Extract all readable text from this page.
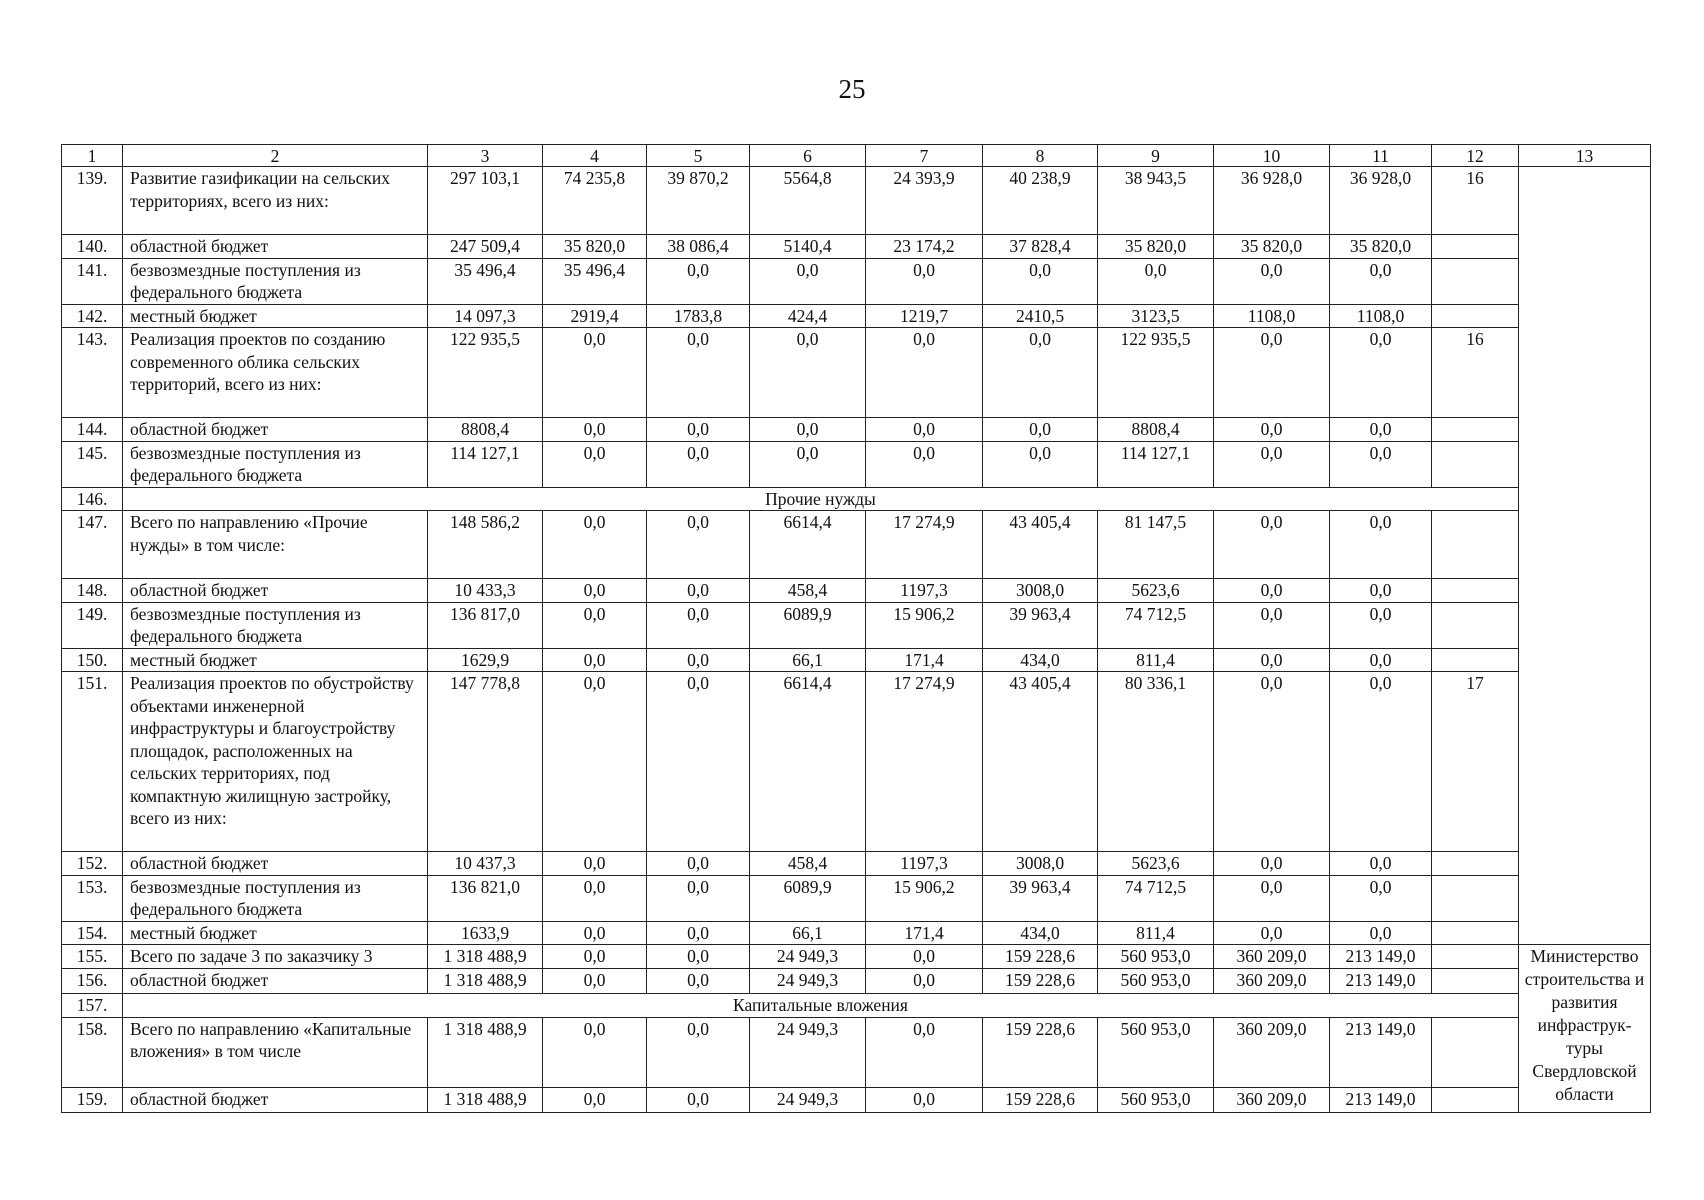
25
1	2	3	4	5	6	7	8	9	10	11	12	13
139.	Развитие газификации на сельских территориях, всего из них:	297 103,1	74 235,8	39 870,2	5564,8	24 393,9	40 238,9	38 943,5	36 928,0	36 928,0	16	
140.	областной бюджет	247 509,4	35 820,0	38 086,4	5140,4	23 174,2	37 828,4	35 820,0	35 820,0	35 820,0		
141.	безвозмездные поступления из федерального бюджета	35 496,4	35 496,4	0,0	0,0	0,0	0,0	0,0	0,0	0,0		
142.	местный бюджет	14 097,3	2919,4	1783,8	424,4	1219,7	2410,5	3123,5	1108,0	1108,0		
143.	Реализация проектов по созданию современного облика сельских территорий, всего из них:	122 935,5	0,0	0,0	0,0	0,0	0,0	122 935,5	0,0	0,0	16	
144.	областной бюджет	8808,4	0,0	0,0	0,0	0,0	0,0	8808,4	0,0	0,0		
145.	безвозмездные поступления из федерального бюджета	114 127,1	0,0	0,0	0,0	0,0	0,0	114 127,1	0,0	0,0		
146.	Прочие нужды											
147.	Всего по направлению «Прочие нужды» в том числе:	148 586,2	0,0	0,0	6614,4	17 274,9	43 405,4	81 147,5	0,0	0,0		
148.	областной бюджет	10 433,3	0,0	0,0	458,4	1197,3	3008,0	5623,6	0,0	0,0		
149.	безвозмездные поступления из федерального бюджета	136 817,0	0,0	0,0	6089,9	15 906,2	39 963,4	74 712,5	0,0	0,0		
150.	местный бюджет	1629,9	0,0	0,0	66,1	171,4	434,0	811,4	0,0	0,0		
151.	Реализация проектов по обустройству объектами инженерной инфраструктуры и благоустройству площадок, расположенных на сельских территориях, под компактную жилищную застройку, всего из них:	147 778,8	0,0	0,0	6614,4	17 274,9	43 405,4	80 336,1	0,0	0,0	17	
152.	областной бюджет	10 437,3	0,0	0,0	458,4	1197,3	3008,0	5623,6	0,0	0,0		
153.	безвозмездные поступления из федерального бюджета	136 821,0	0,0	0,0	6089,9	15 906,2	39 963,4	74 712,5	0,0	0,0		
154.	местный бюджет	1633,9	0,0	0,0	66,1	171,4	434,0	811,4	0,0	0,0		
155.	Всего по задаче 3 по заказчику 3	1 318 488,9	0,0	0,0	24 949,3	0,0	159 228,6	560 953,0	360 209,0	213 149,0		Министерство строительства и развития инфраструк-туры Свердловской области
156.	областной бюджет	1 318 488,9	0,0	0,0	24 949,3	0,0	159 228,6	560 953,0	360 209,0	213 149,0		
157.	Капитальные вложения											
158.	Всего по направлению «Капитальные вложения» в том числе	1 318 488,9	0,0	0,0	24 949,3	0,0	159 228,6	560 953,0	360 209,0	213 149,0		
159.	областной бюджет	1 318 488,9	0,0	0,0	24 949,3	0,0	159 228,6	560 953,0	360 209,0	213 149,0		
